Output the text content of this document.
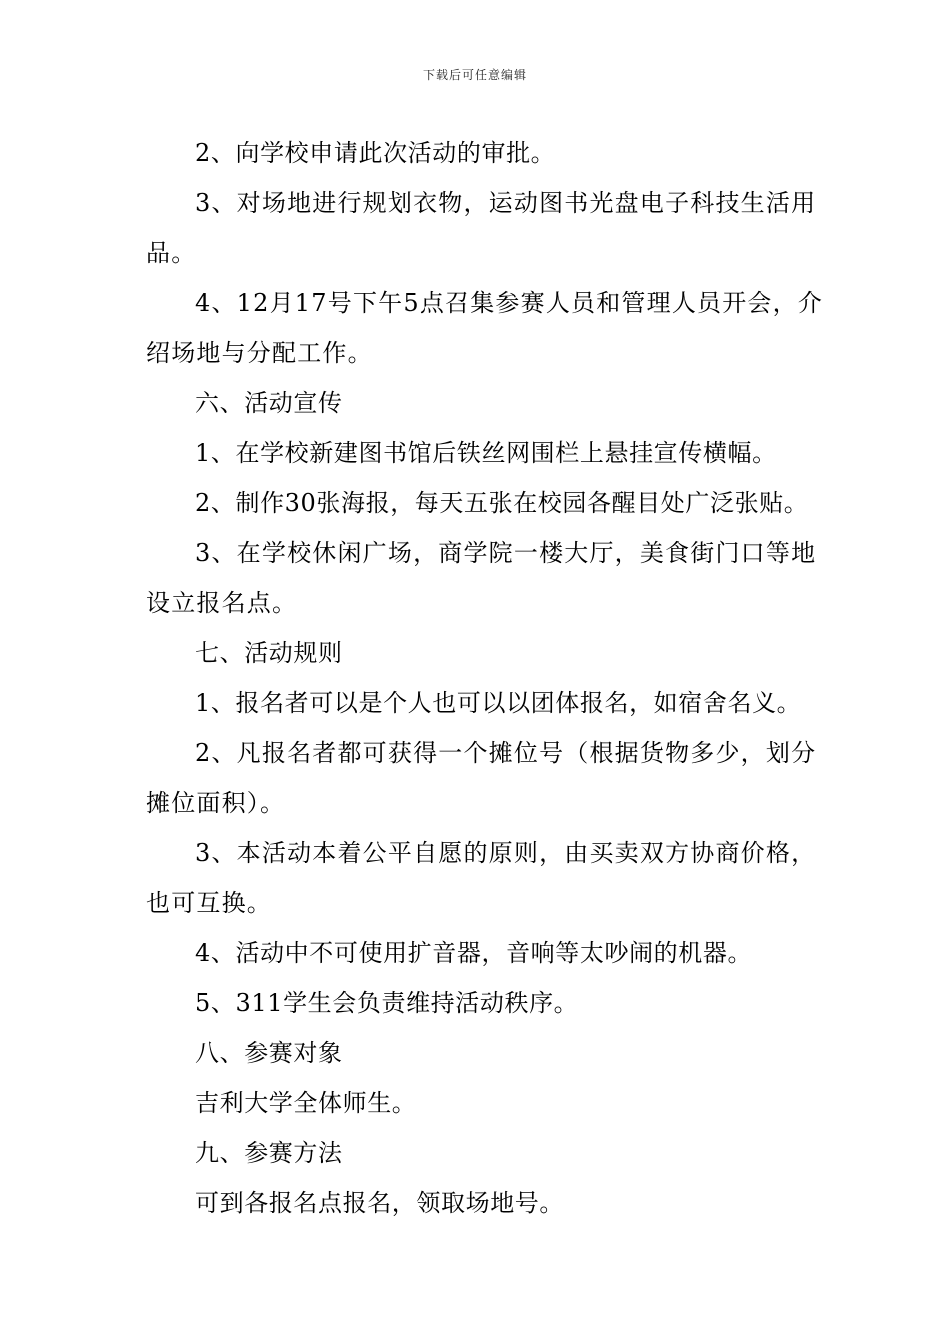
下载后可任意编辑

2、向学校申请此次活动的审批。

3、对场地进行规划衣物，运动图书光盘电子科技生活用品。

4、12月17号下午5点召集参赛人员和管理人员开会，介绍场地与分配工作。

六、活动宣传

1、在学校新建图书馆后铁丝网围栏上悬挂宣传横幅。

2、制作30张海报，每天五张在校园各醒目处广泛张贴。

3、在学校休闲广场，商学院一楼大厅，美食街门口等地设立报名点。

七、活动规则

1、报名者可以是个人也可以以团体报名，如宿舍名义。

2、凡报名者都可获得一个摊位号（根据货物多少，划分摊位面积）。

3、本活动本着公平自愿的原则，由买卖双方协商价格，也可互换。

4、活动中不可使用扩音器，音响等太吵闹的机器。

5、311学生会负责维持活动秩序。

八、参赛对象

吉利大学全体师生。

九、参赛方法

可到各报名点报名，领取场地号。
